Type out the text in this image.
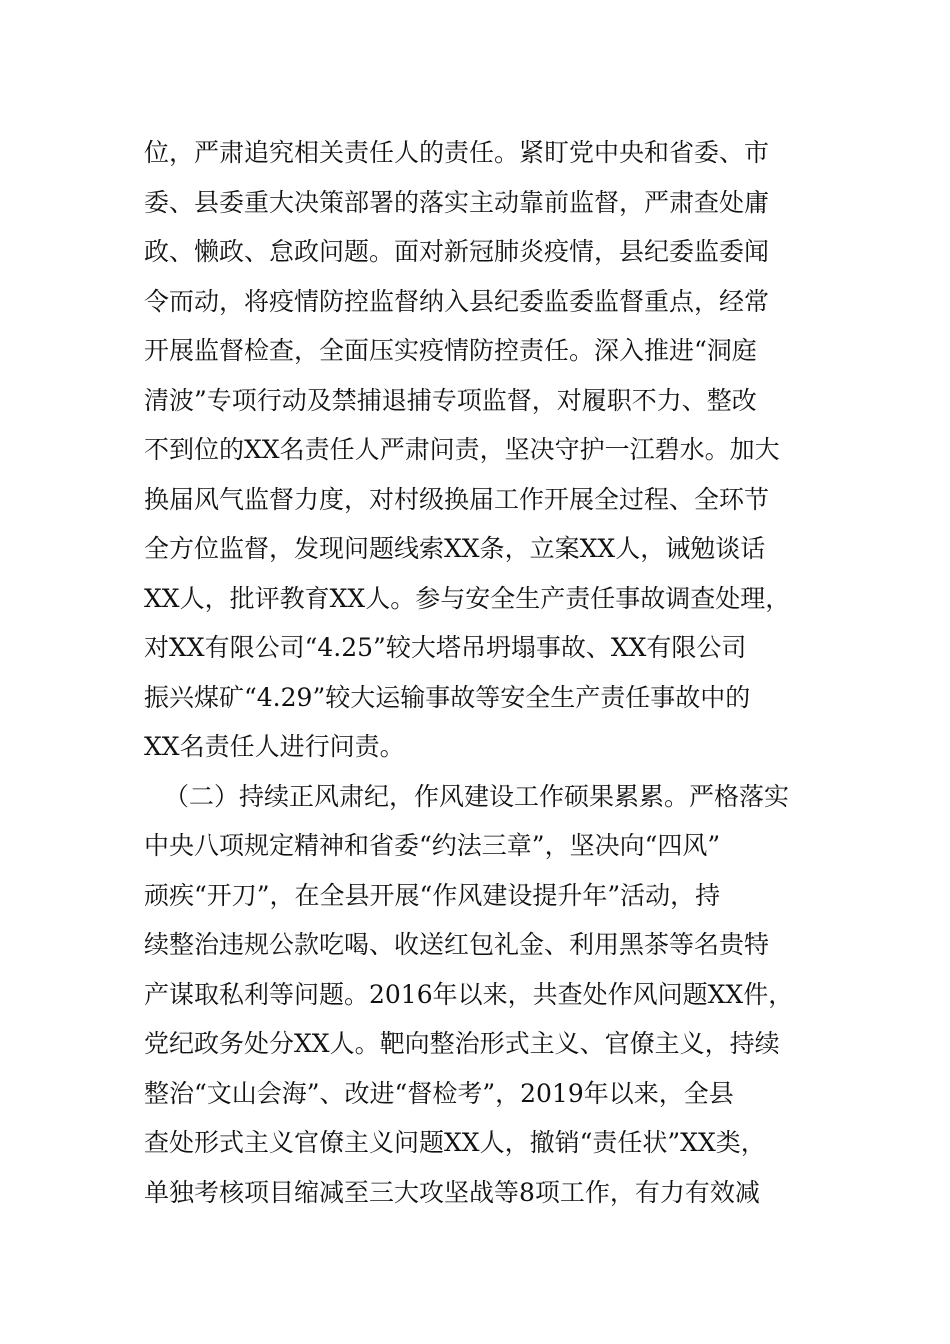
位，严肃追究相关责任人的责任。紧盯党中央和省委、市
委、县委重大决策部署的落实主动靠前监督，严肃查处庸
政、懒政、怠政问题。面对新冠肺炎疫情，县纪委监委闻
令而动，将疫情防控监督纳入县纪委监委监督重点，经常
开展监督检查，全面压实疫情防控责任。深入推进“洞庭
清波”专项行动及禁捕退捕专项监督，对履职不力、整改
不到位的XX名责任人严肃问责，坚决守护一江碧水。加大
换届风气监督力度，对村级换届工作开展全过程、全环节
全方位监督，发现问题线索XX条，立案XX人，诫勉谈话
XX人，批评教育XX人。参与安全生产责任事故调查处理，
对XX有限公司“4.25”较大塔吊坍塌事故、XX有限公司
振兴煤矿“4.29”较大运输事故等安全生产责任事故中的
XX名责任人进行问责。
（二）持续正风肃纪，作风建设工作硕果累累。严格落实
中央八项规定精神和省委“约法三章”，坚决向“四风”
顽疾“开刀”，在全县开展“作风建设提升年”活动，持
续整治违规公款吃喝、收送红包礼金、利用黑茶等名贵特
产谋取私利等问题。2016年以来，共查处作风问题XX件，
党纪政务处分XX人。靶向整治形式主义、官僚主义，持续
整治“文山会海”、改进“督检考”，2019年以来，全县
查处形式主义官僚主义问题XX人，撤销“责任状”XX类，
单独考核项目缩减至三大攻坚战等8项工作，有力有效减
